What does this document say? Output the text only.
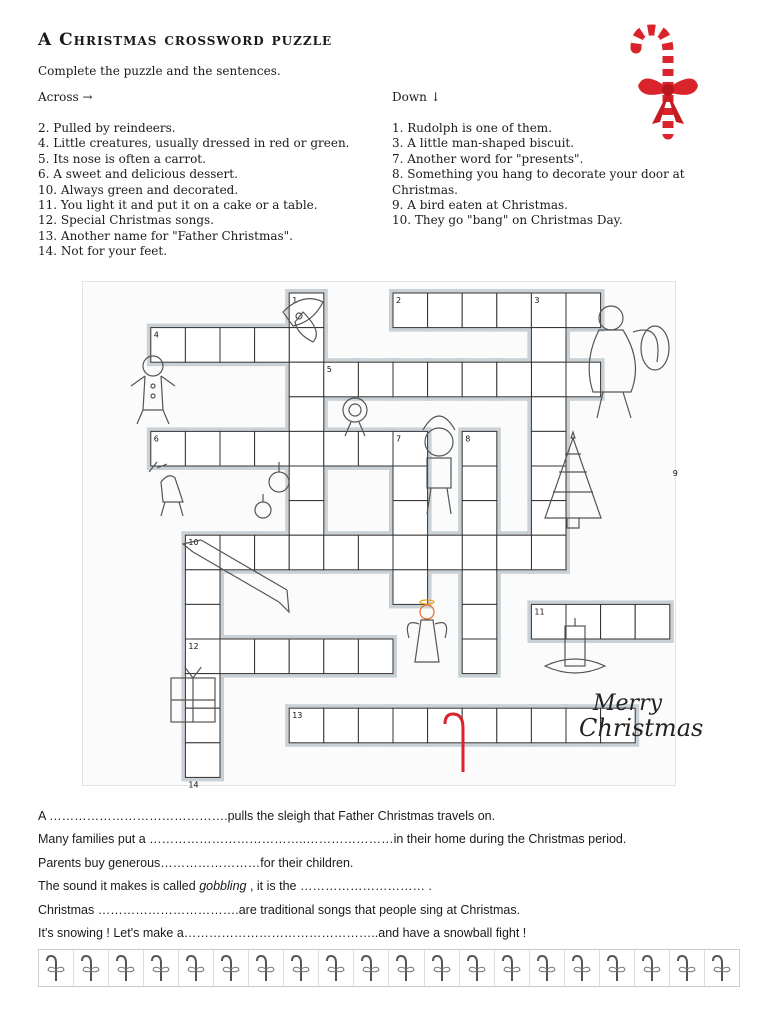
A Christmas crossword puzzle
Complete the puzzle and the sentences.
Across →	Down ↓
2. Pulled by reindeers.
4. Little creatures, usually dressed in red or green.
5. Its nose is often a carrot.
6. A sweet and delicious dessert.
10. Always green and decorated.
11. You light it and put it on a cake or a table.
12. Special Christmas songs.
13. Another name for "Father Christmas".
14. Not for your feet.
1. Rudolph is one of them.
3. A little man-shaped biscuit.
7. Another word for "presents".
8. Something you hang to decorate your door at
Christmas.
9. A bird eaten at Christmas.
10. They go "bang" on Christmas Day.
1	2	3
4
5
6	7	8
9
10
11
12
13
14
Merry
Christmas
A …………………………………….pulls the sleigh that Father Christmas travels on.
Many families put a ………………………………..…………………in their home during the Christmas period.
Parents buy generous……………………for their children.
The sound it makes is called gobbling , it is the ………………………… .
Christmas …………………………….are traditional songs that people sing at Christmas.
It's snowing ! Let's make a………………………………………..and have a snowball fight !
